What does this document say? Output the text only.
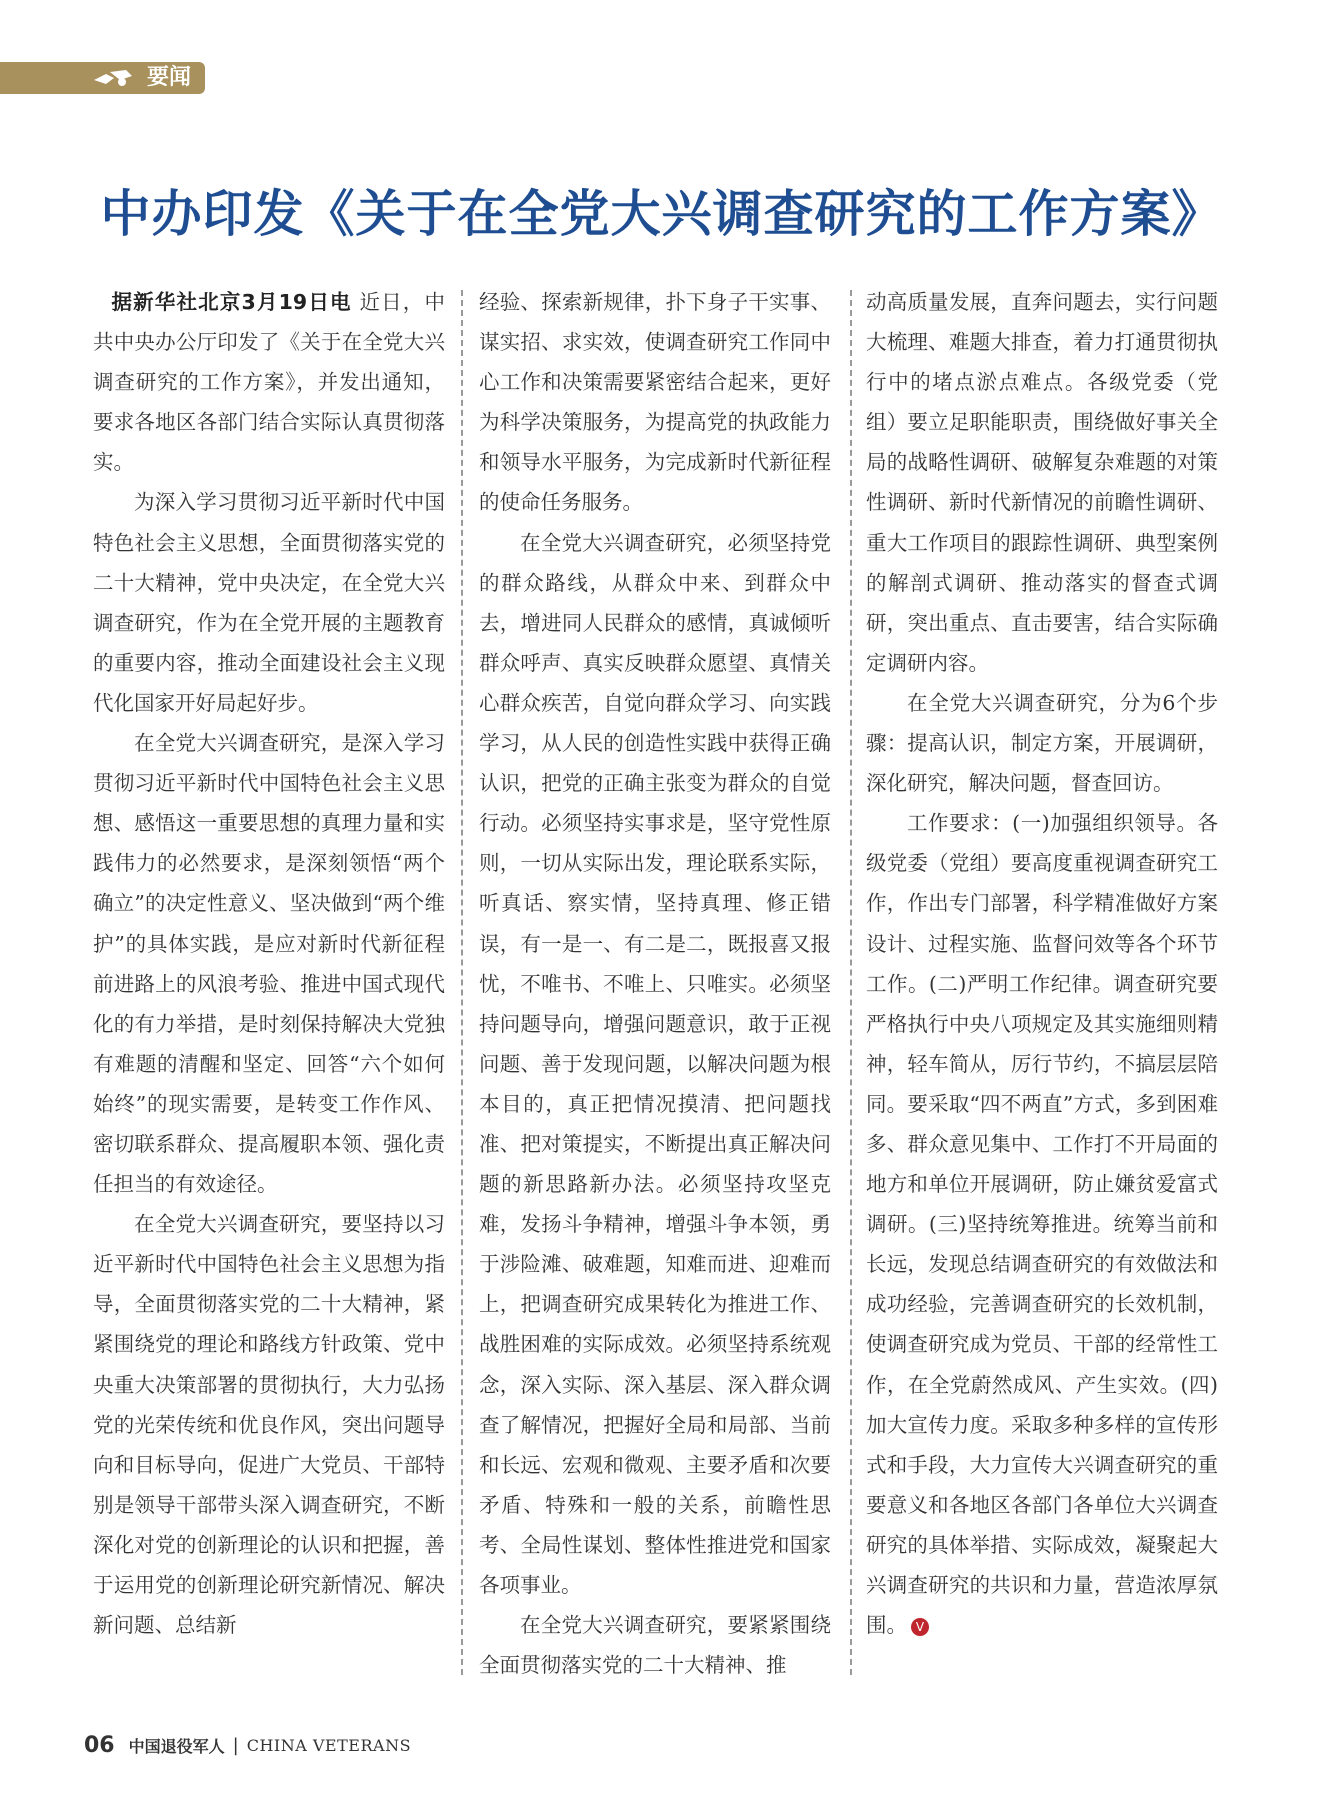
要闻
中办印发《关于在全党大兴调查研究的工作方案》

据新华社北京3月19日电 近日，中共中央办公厅印发了《关于在全党大兴调查研究的工作方案》，并发出通知，要求各地区各部门结合实际认真贯彻落实。

为深入学习贯彻习近平新时代中国特色社会主义思想，全面贯彻落实党的二十大精神，党中央决定，在全党大兴调查研究，作为在全党开展的主题教育的重要内容，推动全面建设社会主义现代化国家开好局起好步。

在全党大兴调查研究，是深入学习贯彻习近平新时代中国特色社会主义思想、感悟这一重要思想的真理力量和实践伟力的必然要求，是深刻领悟“两个确立”的决定性意义、坚决做到“两个维护”的具体实践，是应对新时代新征程前进路上的风浪考验、推进中国式现代化的有力举措，是时刻保持解决大党独有难题的清醒和坚定、回答“六个如何始终”的现实需要，是转变工作作风、密切联系群众、提高履职本领、强化责任担当的有效途径。

在全党大兴调查研究，要坚持以习近平新时代中国特色社会主义思想为指导，全面贯彻落实党的二十大精神，紧紧围绕党的理论和路线方针政策、党中央重大决策部署的贯彻执行，大力弘扬党的光荣传统和优良作风，突出问题导向和目标导向，促进广大党员、干部特别是领导干部带头深入调查研究，不断深化对党的创新理论的认识和把握，善于运用党的创新理论研究新情况、解决新问题、总结新

经验、探索新规律，扑下身子干实事、谋实招、求实效，使调查研究工作同中心工作和决策需要紧密结合起来，更好为科学决策服务，为提高党的执政能力和领导水平服务，为完成新时代新征程的使命任务服务。

在全党大兴调查研究，必须坚持党的群众路线，从群众中来、到群众中去，增进同人民群众的感情，真诚倾听群众呼声、真实反映群众愿望、真情关心群众疾苦，自觉向群众学习、向实践学习，从人民的创造性实践中获得正确认识，把党的正确主张变为群众的自觉行动。必须坚持实事求是，坚守党性原则，一切从实际出发，理论联系实际，听真话、察实情，坚持真理、修正错误，有一是一、有二是二，既报喜又报忧，不唯书、不唯上、只唯实。必须坚持问题导向，增强问题意识，敢于正视问题、善于发现问题，以解决问题为根本目的，真正把情况摸清、把问题找准、把对策提实，不断提出真正解决问题的新思路新办法。必须坚持攻坚克难，发扬斗争精神，增强斗争本领，勇于涉险滩、破难题，知难而进、迎难而上，把调查研究成果转化为推进工作、战胜困难的实际成效。必须坚持系统观念，深入实际、深入基层、深入群众调查了解情况，把握好全局和局部、当前和长远、宏观和微观、主要矛盾和次要矛盾、特殊和一般的关系，前瞻性思考、全局性谋划、整体性推进党和国家各项事业。

在全党大兴调查研究，要紧紧围绕全面贯彻落实党的二十大精神、推

动高质量发展，直奔问题去，实行问题大梳理、难题大排查，着力打通贯彻执行中的堵点淤点难点。各级党委（党组）要立足职能职责，围绕做好事关全局的战略性调研、破解复杂难题的对策性调研、新时代新情况的前瞻性调研、重大工作项目的跟踪性调研、典型案例的解剖式调研、推动落实的督查式调研，突出重点、直击要害，结合实际确定调研内容。

在全党大兴调查研究，分为6个步骤：提高认识，制定方案，开展调研，深化研究，解决问题，督查回访。

工作要求：(一)加强组织领导。各级党委（党组）要高度重视调查研究工作，作出专门部署，科学精准做好方案设计、过程实施、监督问效等各个环节工作。(二)严明工作纪律。调查研究要严格执行中央八项规定及其实施细则精神，轻车简从，厉行节约，不搞层层陪同。要采取“四不两直”方式，多到困难多、群众意见集中、工作打不开局面的地方和单位开展调研，防止嫌贫爱富式调研。(三)坚持统筹推进。统筹当前和长远，发现总结调查研究的有效做法和成功经验，完善调查研究的长效机制，使调查研究成为党员、干部的经常性工作，在全党蔚然成风、产生实效。(四)加大宣传力度。采取多种多样的宣传形式和手段，大力宣传大兴调查研究的重要意义和各地区各部门各单位大兴调查研究的具体举措、实际成效，凝聚起大兴调查研究的共识和力量，营造浓厚氛围。 V

06 中国退役军人 | CHINA VETERANS
